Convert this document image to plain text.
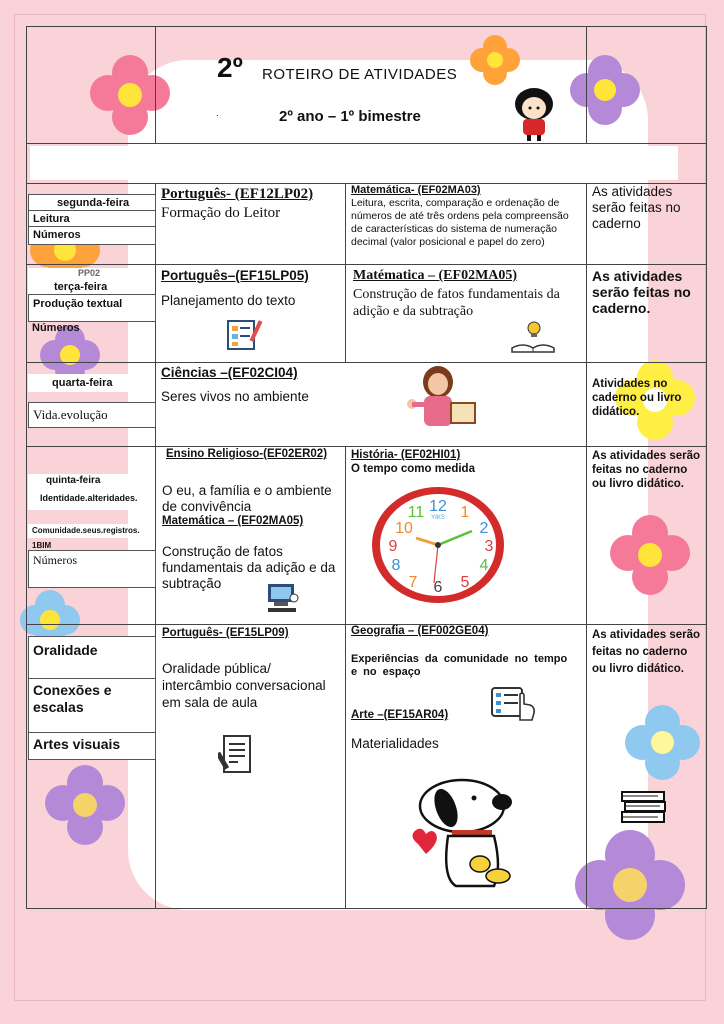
2º ROTEIRO DE ATIVIDADES
2º ano – 1º bimestre
.
segunda-feira
Leitura
Números
PP02
terça-feira
Produção textual
Números
quarta-feira
Vida.evolução
quinta-feira
Identidade.alteridades.
Comunidade.seus.registros.
1BIM
Números
Oralidade
Conexões e escalas
Artes visuais
Português- (EF12LP02)
Formação do Leitor
Matemática- (EF02MA03)
Leitura, escrita, comparação e ordenação de números de até três ordens pela compreensão de características do sistema de numeração decimal (valor posicional e papel do zero)
As atividades serão feitas no caderno
Português–(EF15LP05)
Planejamento do texto
Matématica – (EF02MA05)
Construção de fatos fundamentais da adição e da subtração
As atividades serão feitas no caderno.
Ciências –(EF02CI04)
Seres vivos no ambiente
Atividades no caderno ou livro didático.
Ensino Religioso-(EF02ER02)
O eu, a família e o ambiente de convivência
Matemática – (EF02MA05)
Construção de fatos fundamentais da adição e da subtração
História- (EF02HI01)
O tempo como medida
As atividades serão feitas no caderno ou livro didático.
YIKS
12 1
2
3
4
5
6
7
8
9
10
11
Português- (EF15LP09)
Oralidade pública/ intercâmbio conversacional em sala de aula
Geografia – (EF002GE04)
Experiências da comunidade no tempo e no espaço
Arte –(EF15AR04)
Materialidades
As atividades serão feitas no caderno ou livro didático.
